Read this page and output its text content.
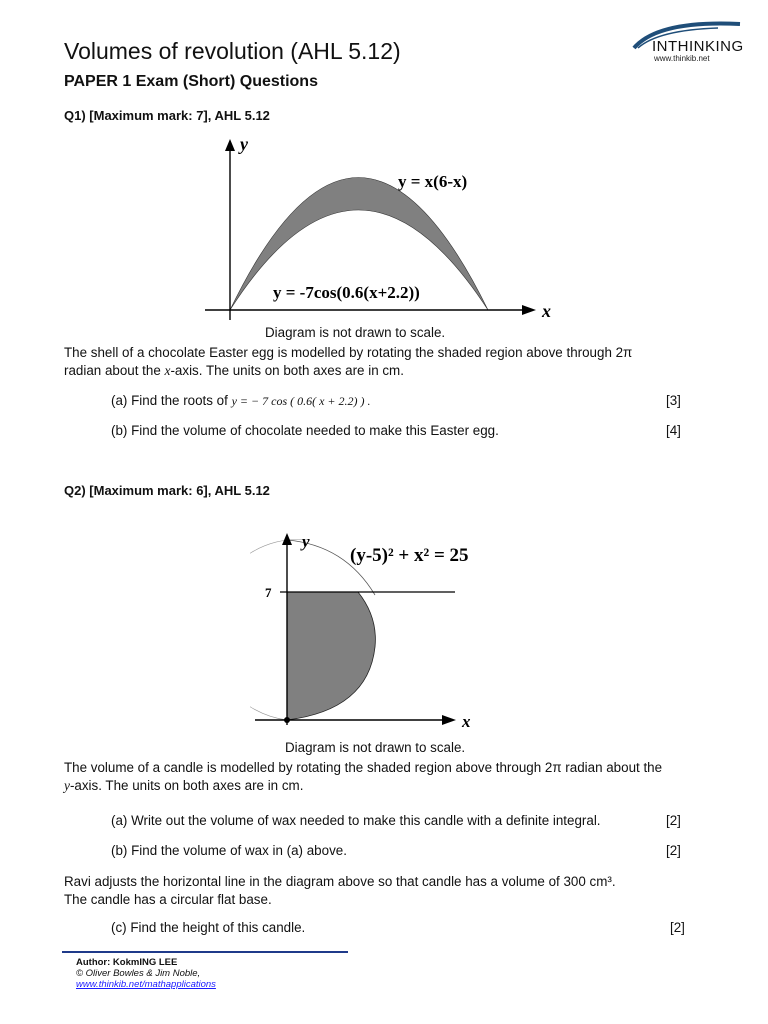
Volumes of revolution (AHL 5.12)
PAPER 1 Exam (Short) Questions
INTHINKING
www.thinkib.net
Q1) [Maximum mark: 7], AHL 5.12
y
x
y = x(6-x)
y = -7cos(0.6(x+2.2))
Diagram is not drawn to scale.
The shell of a chocolate Easter egg is modelled by rotating the shaded region above through 2π
radian about the x-axis. The units on both axes are in cm.
(a) Find the roots of y = − 7 cos ( 0.6( x + 2.2) ) .	[3]
(b) Find the volume of chocolate needed to make this Easter egg.	[4]
Q2) [Maximum mark: 6], AHL 5.12
y
x
7
(y-5)² + x² = 25
Diagram is not drawn to scale.
The volume of a candle is modelled by rotating the shaded region above through 2π radian about the
y-axis. The units on both axes are in cm.
(a) Write out the volume of wax needed to make this candle with a definite integral.	[2]
(b) Find the volume of wax in (a) above.	[2]
Ravi adjusts the horizontal line in the diagram above so that candle has a volume of 300 cm³.
The candle has a circular flat base.
(c) Find the height of this candle.	[2]
Author: KokmING LEE
© Oliver Bowles & Jim Noble,
www.thinkib.net/mathapplications
